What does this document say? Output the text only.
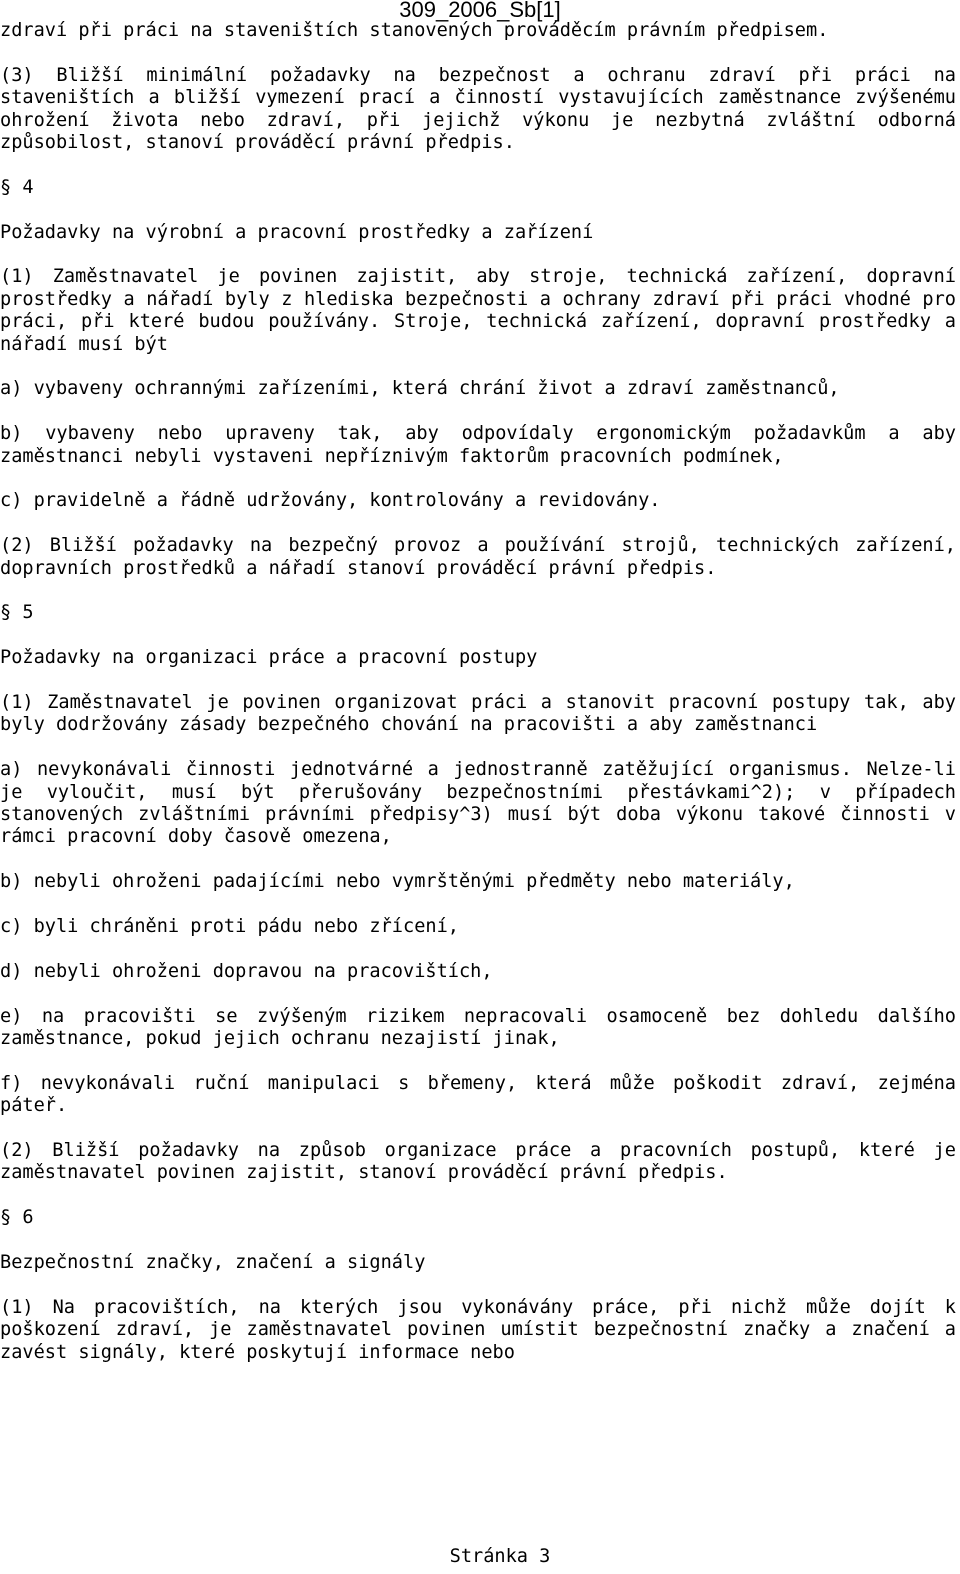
309_2006_Sb[1]

zdraví při práci na staveništích stanovených prováděcím právním předpisem.

(3) Bližší minimální požadavky na bezpečnost a ochranu zdraví při práci na staveništích a bližší vymezení prací a činností vystavujících zaměstnance zvýšenému ohrožení života nebo zdraví, při jejichž výkonu je nezbytná zvláštní odborná způsobilost, stanoví prováděcí právní předpis.

§ 4

Požadavky na výrobní a pracovní prostředky a zařízení

(1) Zaměstnavatel je povinen zajistit, aby stroje, technická zařízení, dopravní prostředky a nářadí byly z hlediska bezpečnosti a ochrany zdraví při práci vhodné pro práci, při které budou používány. Stroje, technická zařízení, dopravní prostředky a nářadí musí být

a) vybaveny ochrannými zařízeními, která chrání život a zdraví zaměstnanců,

b) vybaveny nebo upraveny tak, aby odpovídaly ergonomickým požadavkům a aby zaměstnanci nebyli vystaveni nepříznivým faktorům pracovních podmínek,

c) pravidelně a řádně udržovány, kontrolovány a revidovány.

(2) Bližší požadavky na bezpečný provoz a používání strojů, technických zařízení, dopravních prostředků a nářadí stanoví prováděcí právní předpis.

§ 5

Požadavky na organizaci práce a pracovní postupy

(1) Zaměstnavatel je povinen organizovat práci a stanovit pracovní postupy tak, aby byly dodržovány zásady bezpečného chování na pracovišti a aby zaměstnanci

a) nevykonávali činnosti jednotvárné a jednostranně zatěžující organismus. Nelze-li je vyloučit, musí být přerušovány bezpečnostními přestávkami^2); v případech stanovených zvláštními právními předpisy^3) musí být doba výkonu takové činnosti v rámci pracovní doby časově omezena,

b) nebyli ohroženi padajícími nebo vymrštěnými předměty nebo materiály,

c) byli chráněni proti pádu nebo zřícení,

d) nebyli ohroženi dopravou na pracovištích,

e) na pracovišti se zvýšeným rizikem nepracovali osamoceně bez dohledu dalšího zaměstnance, pokud jejich ochranu nezajistí jinak,

f) nevykonávali ruční manipulaci s břemeny, která může poškodit zdraví, zejména páteř.

(2) Bližší požadavky na způsob organizace práce a pracovních postupů, které je zaměstnavatel povinen zajistit, stanoví prováděcí právní předpis.

§ 6

Bezpečnostní značky, značení a signály

(1) Na pracovištích, na kterých jsou vykonávány práce, při nichž může dojít k poškození zdraví, je zaměstnavatel povinen umístit bezpečnostní značky a značení a zavést signály, které poskytují informace nebo

Stránka 3
